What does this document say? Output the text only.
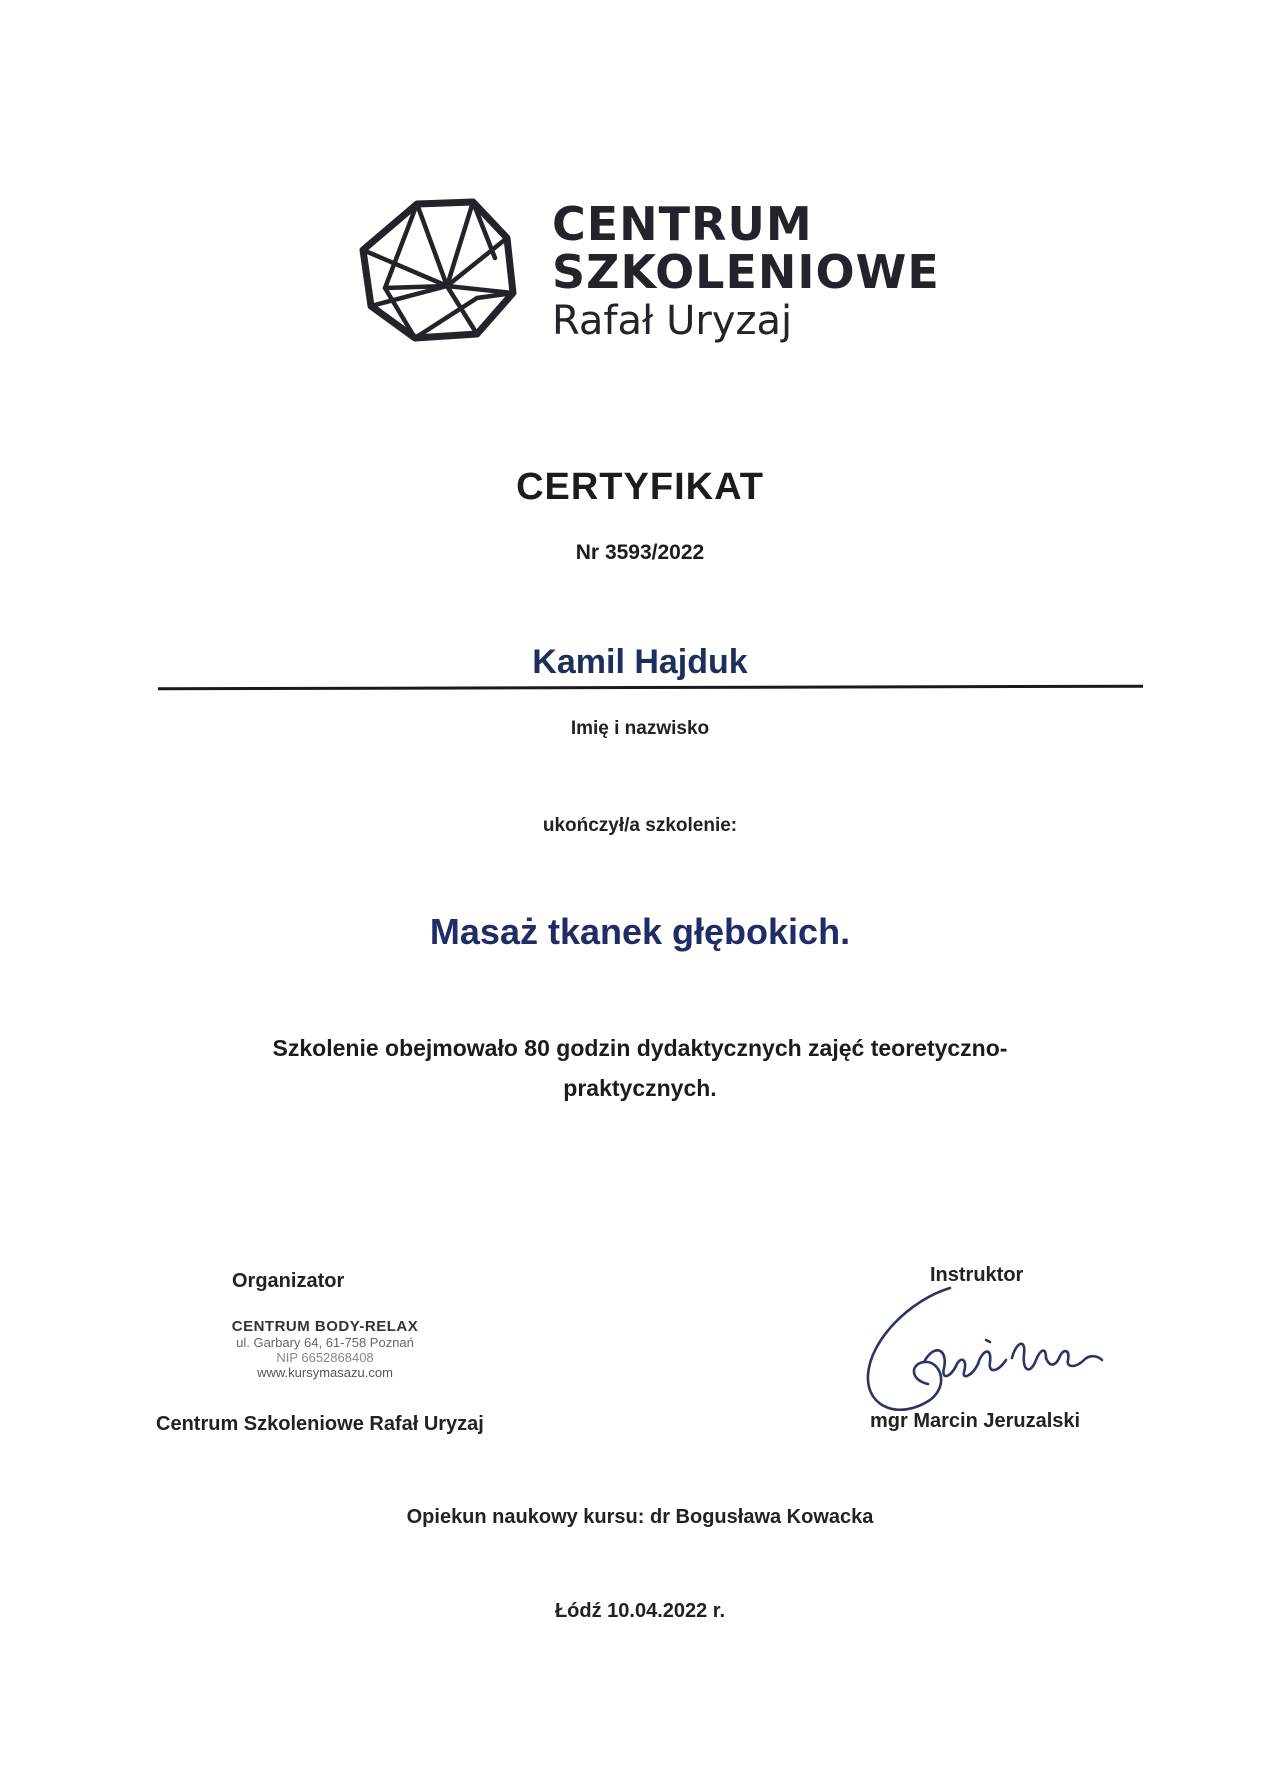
CENTRUM
SZKOLENIOWE
Rafał Uryzaj
CERTYFIKAT
Nr 3593/2022
Kamil Hajduk
Imię i nazwisko
ukończył/a szkolenie:
Masaż tkanek głębokich.
Szkolenie obejmowało 80 godzin dydaktycznych zajęć teoretyczno-praktycznych.
Organizator
CENTRUM BODY-RELAX
ul. Garbary 64, 61-758 Poznań
NIP 6652868408
www.kursymasazu.com
Centrum Szkoleniowe Rafał Uryzaj
Instruktor
mgr Marcin Jeruzalski
Opiekun naukowy kursu: dr Bogusława Kowacka
Łódź 10.04.2022 r.
